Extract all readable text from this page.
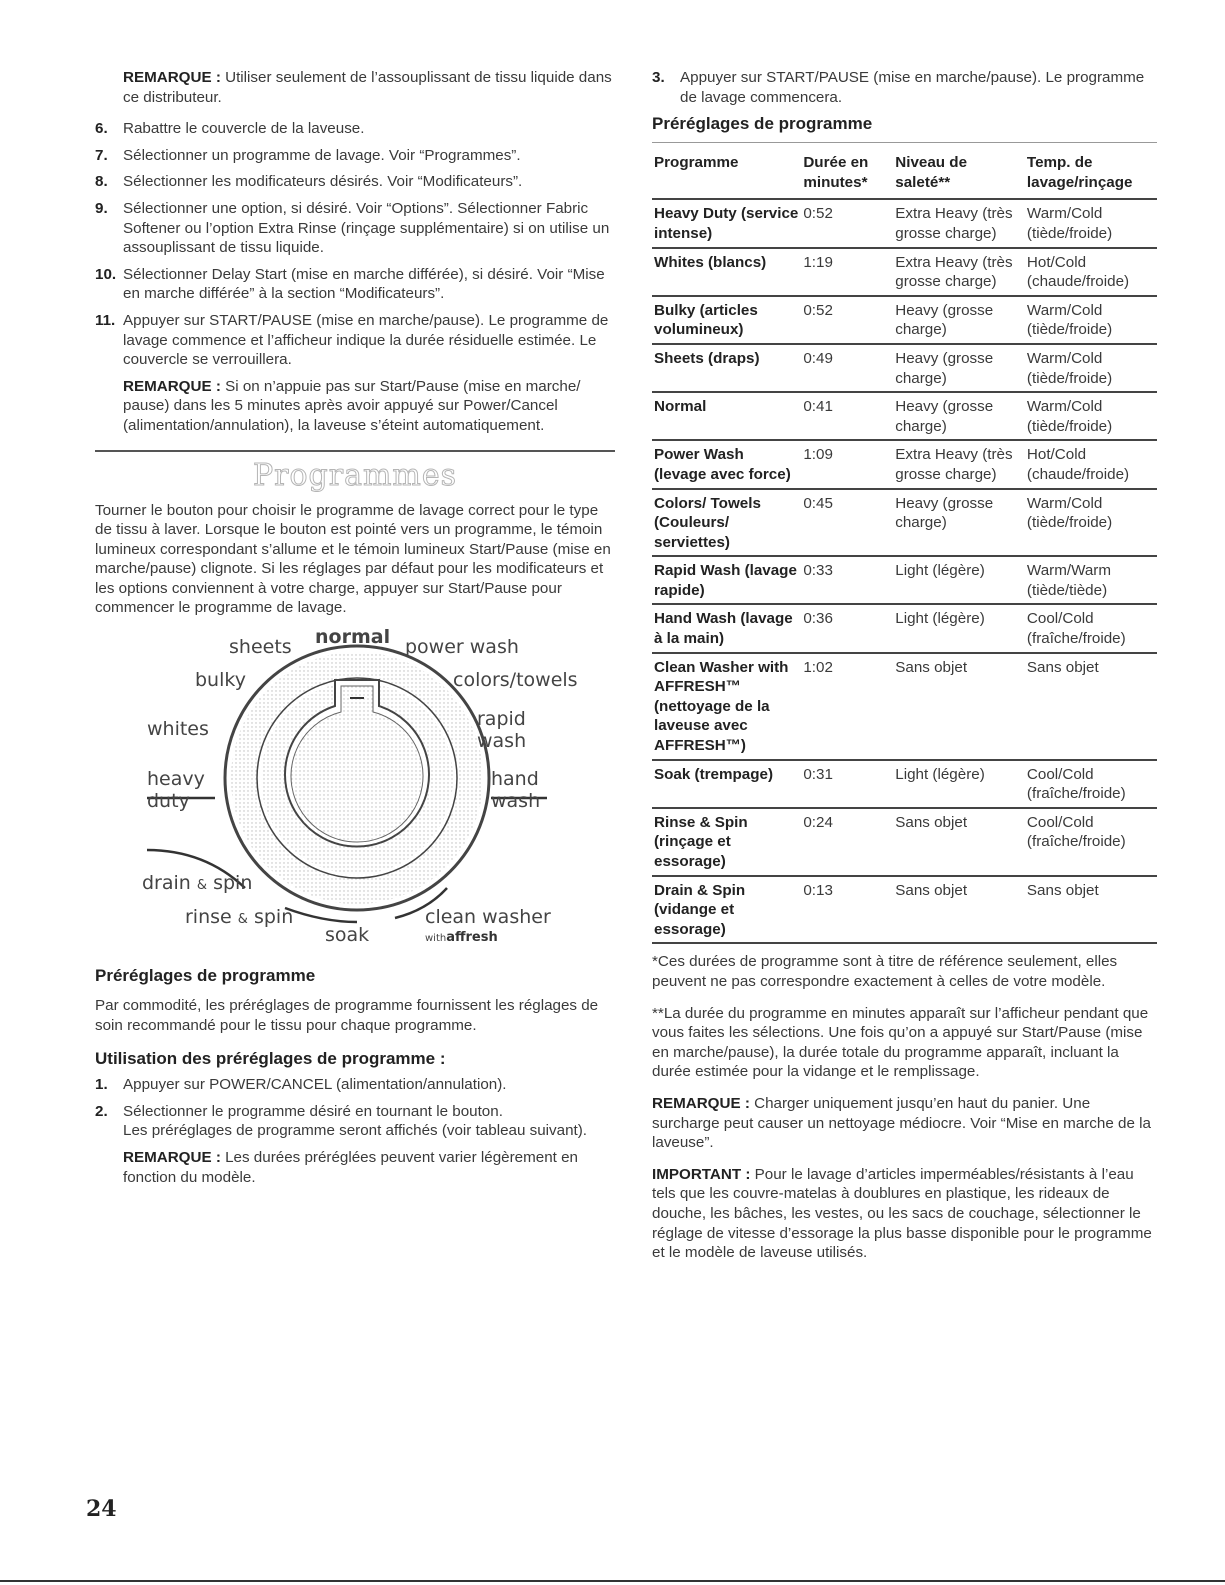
REMARQUE : Utiliser seulement de l’assouplissant de tissu liquide dans ce distributeur.

6. Rabattre le couvercle de la laveuse.
7. Sélectionner un programme de lavage. Voir “Programmes”.
8. Sélectionner les modificateurs désirés. Voir “Modificateurs”.
9. Sélectionner une option, si désiré. Voir “Options”. Sélectionner Fabric Softener ou l’option Extra Rinse (rinçage supplémentaire) si on utilise un assouplissant de tissu liquide.
10. Sélectionner Delay Start (mise en marche différée), si désiré. Voir “Mise en marche différée” à la section “Modificateurs”.
11. Appuyer sur START/PAUSE (mise en marche/pause). Le programme de lavage commence et l’afficheur indique la durée résiduelle estimée. Le couvercle se verrouillera.

REMARQUE : Si on n’appuie pas sur Start/Pause (mise en marche/ pause) dans les 5 minutes après avoir appuyé sur Power/Cancel (alimentation/annulation), la laveuse s’éteint automatiquement.

Programmes

Tourner le bouton pour choisir le programme de lavage correct pour le type de tissu à laver. Lorsque le bouton est pointé vers un programme, le témoin lumineux correspondant s’allume et le témoin lumineux Start/Pause (mise en marche/pause) clignote. Si les réglages par défaut pour les modificateurs et les options conviennent à votre charge, appuyer sur Start/Pause pour commencer le programme de lavage.

normal
sheets	power wash
bulky	colors/towels
whites	rapid
wash
heavy
duty
hand
wash
drain & spin
rinse & spin	clean washer
soak	withaffresh
Préréglages de programme

Par commodité, les préréglages de programme fournissent les réglages de soin recommandé pour le tissu pour chaque programme.

Utilisation des préréglages de programme :
1. Appuyer sur POWER/CANCEL (alimentation/annulation).
2. Sélectionner le programme désiré en tournant le bouton.
Les préréglages de programme seront affichés (voir tableau suivant).

REMARQUE : Les durées préréglées peuvent varier légèrement en fonction du modèle.

3. Appuyer sur START/PAUSE (mise en marche/pause). Le programme de lavage commencera.
Préréglages de programme
Programme	Durée en minutes*	Niveau de saleté**	Temp. de lavage/rinçage
Heavy Duty (service intense)	0:52	Extra Heavy (très grosse charge)	Warm/Cold (tiède/froide)
Whites (blancs)	1:19	Extra Heavy (très grosse charge)	Hot/Cold (chaude/froide)
Bulky (articles volumineux)	0:52	Heavy (grosse charge)	Warm/Cold (tiède/froide)
Sheets (draps)	0:49	Heavy (grosse charge)	Warm/Cold (tiède/froide)
Normal	0:41	Heavy (grosse charge)	Warm/Cold (tiède/froide)
Power Wash (levage avec force)	1:09	Extra Heavy (très grosse charge)	Hot/Cold (chaude/froide)
Colors/ Towels (Couleurs/ serviettes)	0:45	Heavy (grosse charge)	Warm/Cold (tiède/froide)
Rapid Wash (lavage rapide)	0:33	Light (légère)	Warm/Warm (tiède/tiède)
Hand Wash (lavage à la main)	0:36	Light (légère)	Cool/Cold (fraîche/froide)
Clean Washer with AFFRESH™ (nettoyage de la laveuse avec AFFRESH™)	1:02	Sans objet	Sans objet
Soak (trempage)	0:31	Light (légère)	Cool/Cold (fraîche/froide)
Rinse & Spin (rinçage et essorage)	0:24	Sans objet	Cool/Cold (fraîche/froide)
Drain & Spin (vidange et essorage)	0:13	Sans objet	Sans objet

*Ces durées de programme sont à titre de référence seulement, elles peuvent ne pas correspondre exactement à celles de votre modèle.

**La durée du programme en minutes apparaît sur l’afficheur pendant que vous faites les sélections. Une fois qu’on a appuyé sur Start/Pause (mise en marche/pause), la durée totale du programme apparaît, incluant la durée estimée pour la vidange et le remplissage.

REMARQUE : Charger uniquement jusqu’en haut du panier. Une surcharge peut causer un nettoyage médiocre. Voir “Mise en marche de la laveuse”.

IMPORTANT : Pour le lavage d’articles imperméables/résistants à l’eau tels que les couvre-matelas à doublures en plastique, les rideaux de douche, les bâches, les vestes, ou les sacs de couchage, sélectionner le réglage de vitesse d’essorage la plus basse disponible pour le programme et le modèle de laveuse utilisés.

24
